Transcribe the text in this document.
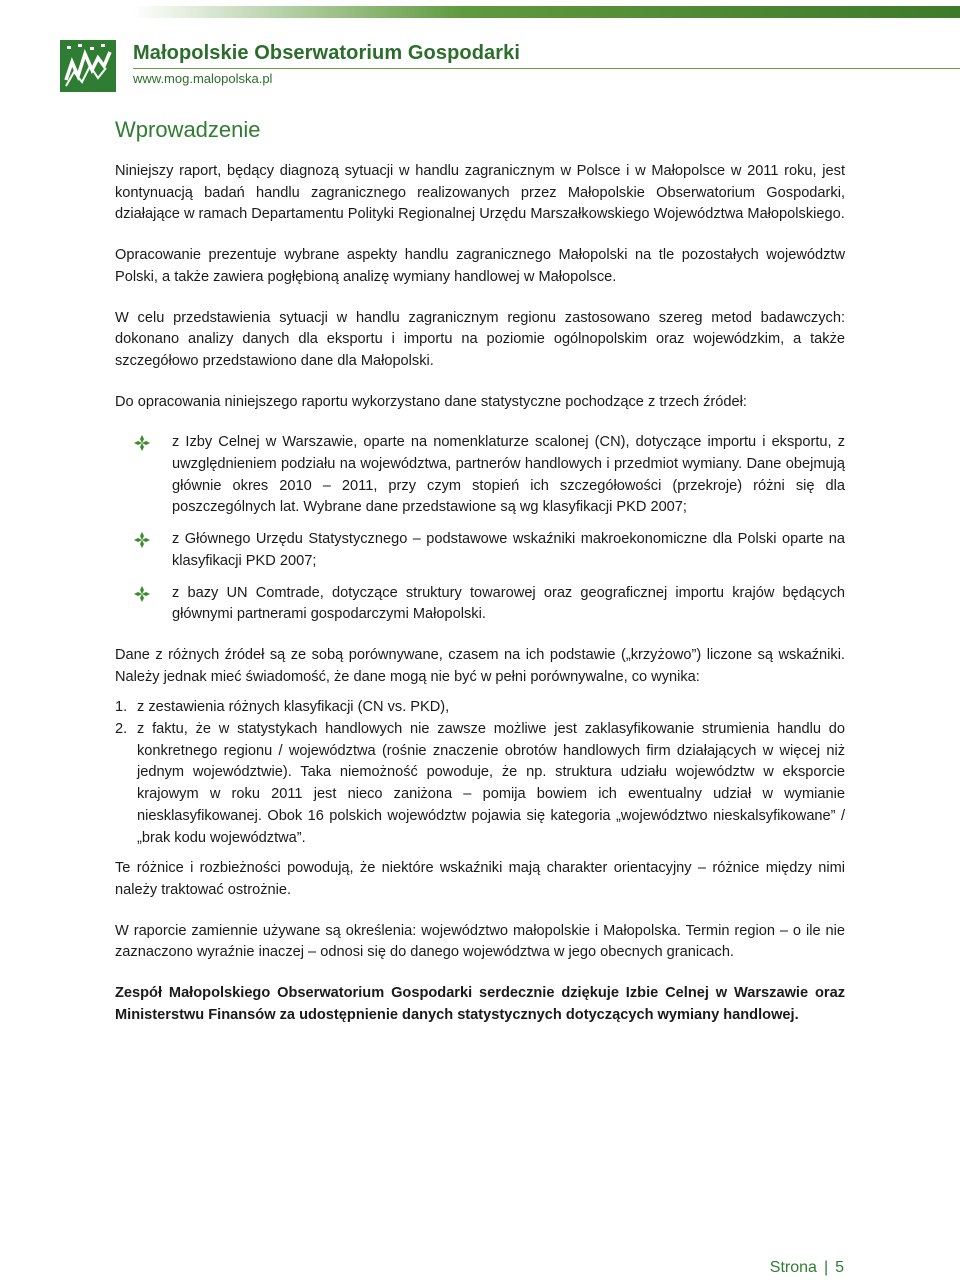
Małopolskie Obserwatorium Gospodarki

www.mog.malopolska.pl

Wprowadzenie

Niniejszy raport, będący diagnozą sytuacji w handlu zagranicznym w Polsce i w Małopolsce w 2011 roku, jest kontynuacją badań handlu zagranicznego realizowanych przez Małopolskie Obserwatorium Gospodarki, działające w ramach Departamentu Polityki Regionalnej Urzędu Marszałkowskiego Województwa Małopolskiego.

Opracowanie prezentuje wybrane aspekty handlu zagranicznego Małopolski na tle pozostałych województw Polski, a także zawiera pogłębioną analizę wymiany handlowej w Małopolsce.

W celu przedstawienia sytuacji w handlu zagranicznym regionu zastosowano szereg metod badawczych: dokonano analizy danych dla eksportu i importu na poziomie ogólnopolskim oraz wojewódzkim, a także szczegółowo przedstawiono dane dla Małopolski.

Do opracowania niniejszego raportu wykorzystano dane statystyczne pochodzące z trzech źródeł:

z Izby Celnej w Warszawie, oparte na nomenklaturze scalonej (CN), dotyczące importu i eksportu, z uwzględnieniem podziału na województwa, partnerów handlowych i przedmiot wymiany. Dane obejmują głównie okres 2010 – 2011, przy czym stopień ich szczegółowości (przekroje) różni się dla poszczególnych lat. Wybrane dane przedstawione są wg klasyfikacji PKD 2007;
z Głównego Urzędu Statystycznego – podstawowe wskaźniki makroekonomiczne dla Polski oparte na klasyfikacji PKD 2007;
z bazy UN Comtrade, dotyczące struktury towarowej oraz geograficznej importu krajów będących głównymi partnerami gospodarczymi Małopolski.

Dane z różnych źródeł są ze sobą porównywane, czasem na ich podstawie („krzyżowo”) liczone są wskaźniki. Należy jednak mieć świadomość, że dane mogą nie być w pełni porównywalne, co wynika:

1. z zestawienia różnych klasyfikacji (CN vs. PKD),
2. z faktu, że w statystykach handlowych nie zawsze możliwe jest zaklasyfikowanie strumienia handlu do konkretnego regionu / województwa (rośnie znaczenie obrotów handlowych firm działających w więcej niż jednym województwie). Taka niemożność powoduje, że np. struktura udziału województw w eksporcie krajowym w roku 2011 jest nieco zaniżona – pomija bowiem ich ewentualny udział w wymianie niesklasyfikowanej. Obok 16 polskich województw pojawia się kategoria „województwo nieskalsyfikowane” / „brak kodu województwa”.

Te różnice i rozbieżności powodują, że niektóre wskaźniki mają charakter orientacyjny – różnice między nimi należy traktować ostrożnie.

W raporcie zamiennie używane są określenia: województwo małopolskie i Małopolska. Termin region – o ile nie zaznaczono wyraźnie inaczej – odnosi się do danego województwa w jego obecnych granicach.

Zespół Małopolskiego Obserwatorium Gospodarki serdecznie dziękuje Izbie Celnej w Warszawie oraz Ministerstwu Finansów za udostępnienie danych statystycznych dotyczących wymiany handlowej.

Strona | 5
